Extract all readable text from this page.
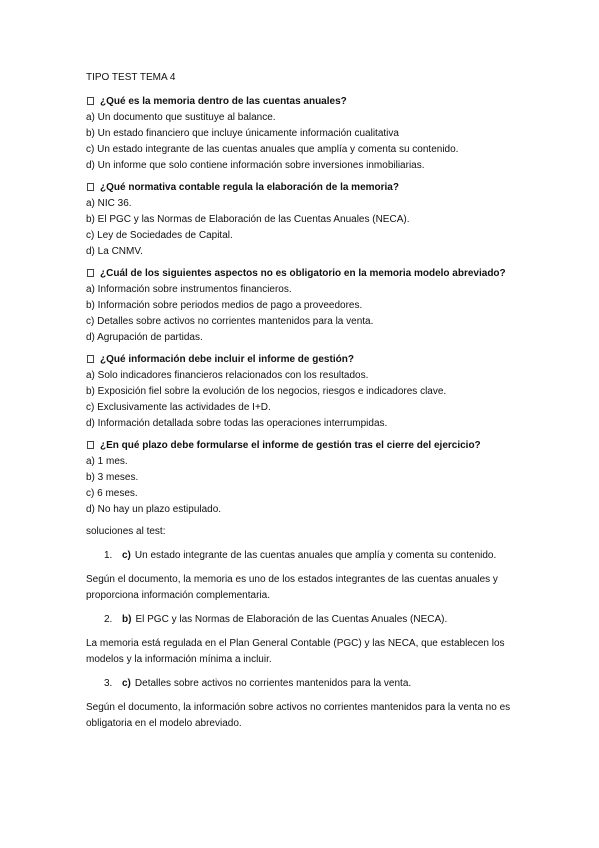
TIPO TEST TEMA 4
¿Qué es la memoria dentro de las cuentas anuales?
a) Un documento que sustituye al balance.
b) Un estado financiero que incluye únicamente información cualitativa
c) Un estado integrante de las cuentas anuales que amplía y comenta su contenido.
d) Un informe que solo contiene información sobre inversiones inmobiliarias.
¿Qué normativa contable regula la elaboración de la memoria?
a) NIC 36.
b) El PGC y las Normas de Elaboración de las Cuentas Anuales (NECA).
c) Ley de Sociedades de Capital.
d) La CNMV.
¿Cuál de los siguientes aspectos no es obligatorio en la memoria modelo abreviado?
a) Información sobre instrumentos financieros.
b) Información sobre periodos medios de pago a proveedores.
c) Detalles sobre activos no corrientes mantenidos para la venta.
d) Agrupación de partidas.
¿Qué información debe incluir el informe de gestión?
a) Solo indicadores financieros relacionados con los resultados.
b) Exposición fiel sobre la evolución de los negocios, riesgos e indicadores clave.
c) Exclusivamente las actividades de I+D.
d) Información detallada sobre todas las operaciones interrumpidas.
¿En qué plazo debe formularse el informe de gestión tras el cierre del ejercicio?
a) 1 mes.
b) 3 meses.
c) 6 meses.
d) No hay un plazo estipulado.
soluciones al test:
1. c) Un estado integrante de las cuentas anuales que amplía y comenta su contenido.
Según el documento, la memoria es uno de los estados integrantes de las cuentas anuales y proporciona información complementaria.
2. b) El PGC y las Normas de Elaboración de las Cuentas Anuales (NECA).
La memoria está regulada en el Plan General Contable (PGC) y las NECA, que establecen los modelos y la información mínima a incluir.
3. c) Detalles sobre activos no corrientes mantenidos para la venta.
Según el documento, la información sobre activos no corrientes mantenidos para la venta no es obligatoria en el modelo abreviado.
